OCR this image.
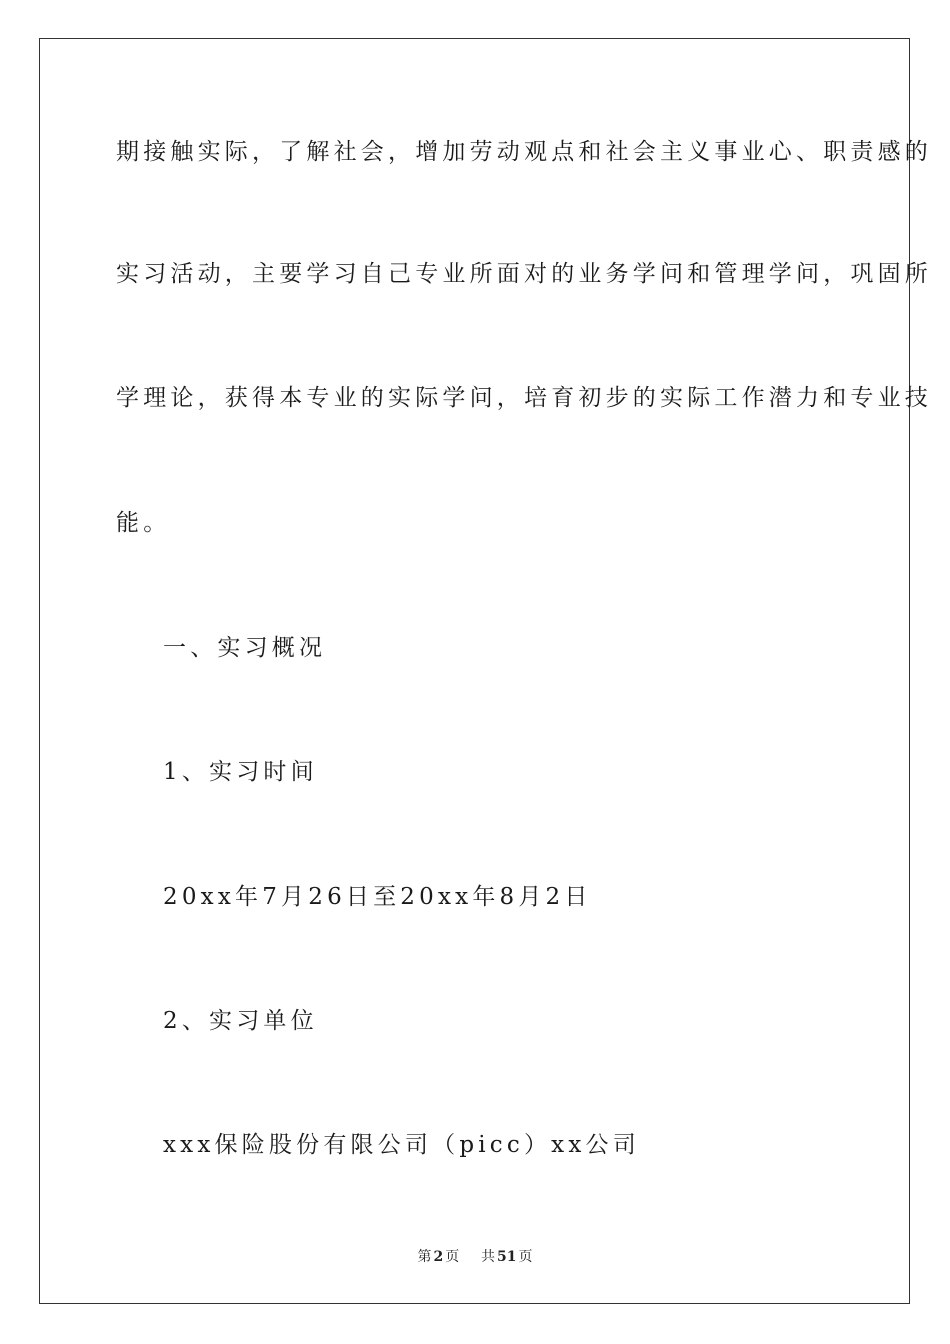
期接触实际，了解社会，增加劳动观点和社会主义事业心、职责感的
实习活动，主要学习自己专业所面对的业务学问和管理学问，巩固所
学理论，获得本专业的实际学问，培育初步的实际工作潜力和专业技
能。
一、实习概况
1、实习时间
20xx年7月26日至20xx年8月2日
2、实习单位
xxx保险股份有限公司（picc）xx公司
第 2 页 共 51 页
